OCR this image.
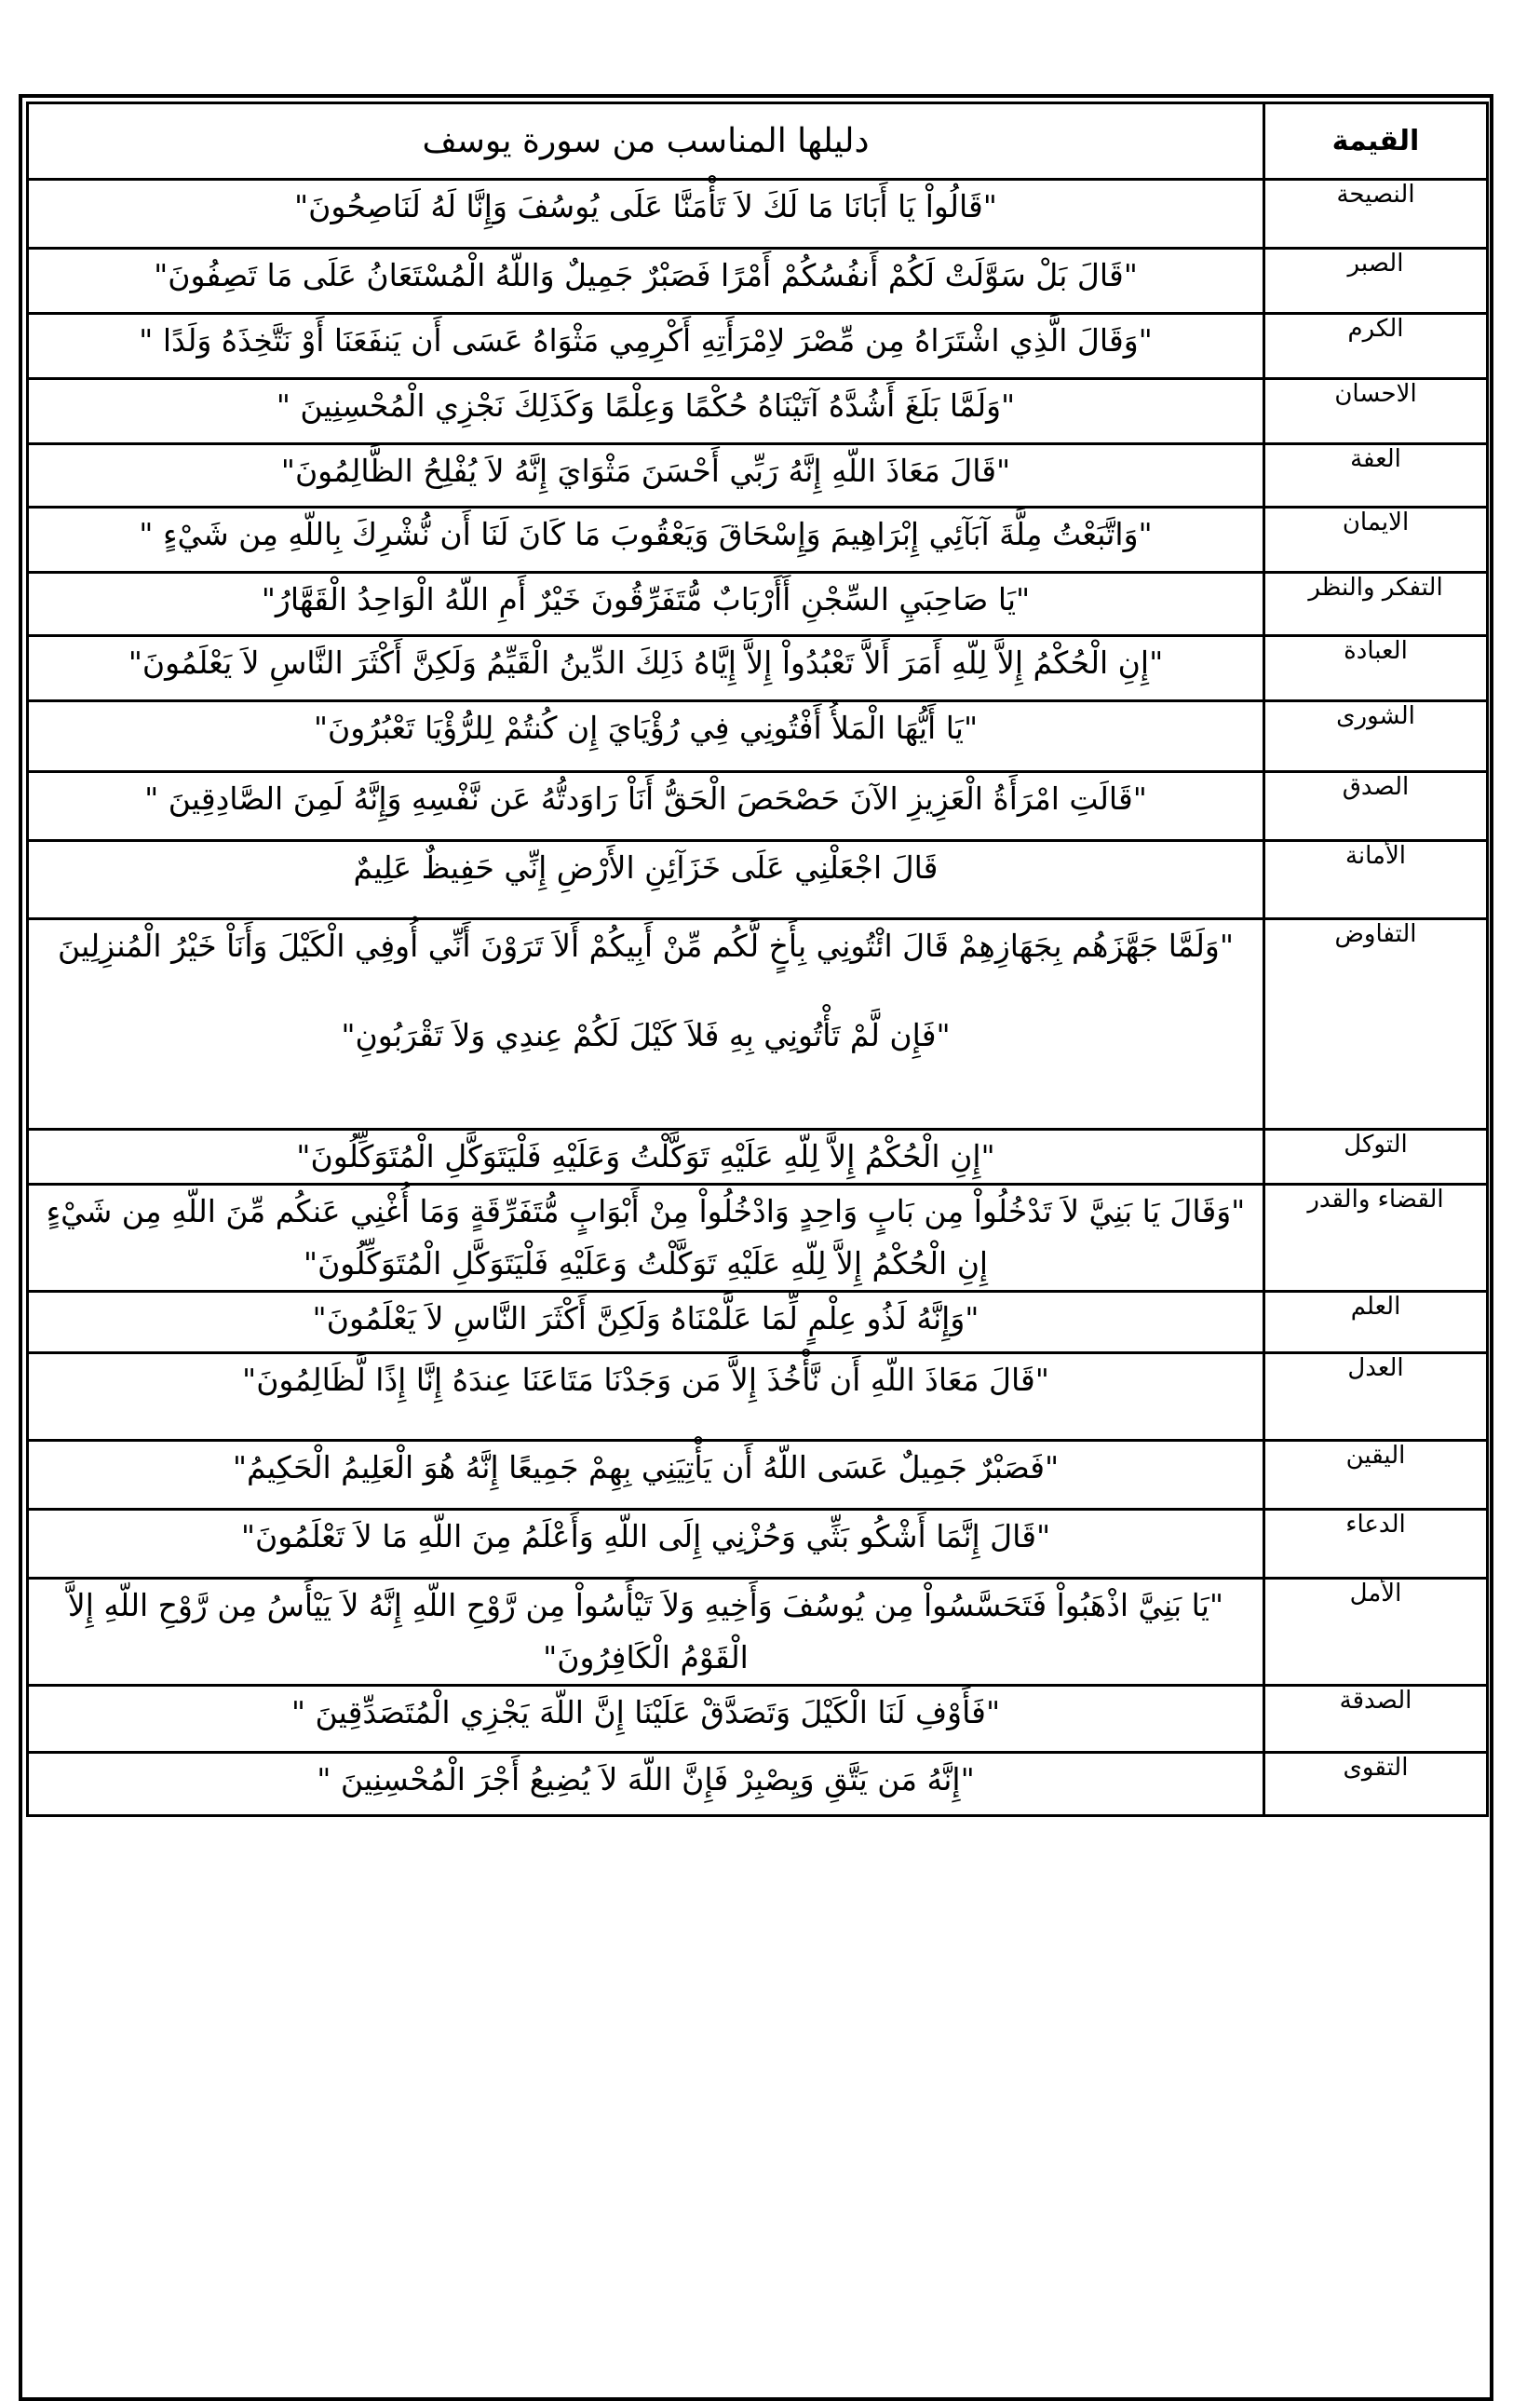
القيمة	دليلها المناسب من سورة يوسف
النصيحة	"قَالُواْ يَا أَبَانَا مَا لَكَ لاَ تَأْمَنَّا عَلَى يُوسُفَ وَإِنَّا لَهُ لَنَاصِحُونَ"

الصبر	"قَالَ بَلْ سَوَّلَتْ لَكُمْ أَنفُسُكُمْ أَمْرًا فَصَبْرٌ جَمِيلٌ وَاللّهُ الْمُسْتَعَانُ عَلَى مَا تَصِفُونَ"

الكرم	"وَقَالَ الَّذِي اشْتَرَاهُ مِن مِّصْرَ لاِمْرَأَتِهِ أَكْرِمِي مَثْوَاهُ عَسَى أَن يَنفَعَنَا أَوْ نَتَّخِذَهُ وَلَدًا "

الاحسان	"وَلَمَّا بَلَغَ أَشُدَّهُ آتَيْنَاهُ حُكْمًا وَعِلْمًا وَكَذَلِكَ نَجْزِي الْمُحْسِنِينَ "

العفة	"قَالَ مَعَاذَ اللّهِ إِنَّهُ رَبِّي أَحْسَنَ مَثْوَايَ إِنَّهُ لاَ يُفْلِحُ الظَّالِمُونَ"

الايمان	"وَاتَّبَعْتُ مِلَّةَ آبَآئِي إِبْرَاهِيمَ وَإِسْحَاقَ وَيَعْقُوبَ مَا كَانَ لَنَا أَن نُّشْرِكَ بِاللّهِ مِن شَيْءٍ "

التفكر والنظر	"يَا صَاحِبَيِ السِّجْنِ أَأَرْبَابٌ مُّتَفَرِّقُونَ خَيْرٌ أَمِ اللّهُ الْوَاحِدُ الْقَهَّارُ"

العبادة	"إِنِ الْحُكْمُ إِلاَّ لِلّهِ أَمَرَ أَلاَّ تَعْبُدُواْ إِلاَّ إِيَّاهُ ذَلِكَ الدِّينُ الْقَيِّمُ وَلَكِنَّ أَكْثَرَ النَّاسِ لاَ يَعْلَمُونَ"

الشورى	"يَا أَيُّهَا الْمَلأُ أَفْتُونِي فِي رُؤْيَايَ إِن كُنتُمْ لِلرُّؤْيَا تَعْبُرُونَ"

الصدق	"قَالَتِ امْرَأَةُ الْعَزِيزِ الآنَ حَصْحَصَ الْحَقُّ أَنَاْ رَاوَدتُّهُ عَن نَّفْسِهِ وَإِنَّهُ لَمِنَ الصَّادِقِينَ "

الأمانة	قَالَ اجْعَلْنِي عَلَى خَزَآئِنِ الأَرْضِ إِنِّي حَفِيظٌ عَلِيمٌ

التفاوض	"وَلَمَّا جَهَّزَهُم بِجَهَازِهِمْ قَالَ ائْتُونِي بِأَخٍ لَّكُم مِّنْ أَبِيكُمْ أَلاَ تَرَوْنَ أَنِّي أُوفِي الْكَيْلَ وَأَنَاْ خَيْرُ الْمُنزِلِينَ
"فَإِن لَّمْ تَأْتُونِي بِهِ فَلاَ كَيْلَ لَكُمْ عِندِي وَلاَ تَقْرَبُونِ"

التوكل	"إِنِ الْحُكْمُ إِلاَّ لِلّهِ عَلَيْهِ تَوَكَّلْتُ وَعَلَيْهِ فَلْيَتَوَكَّلِ الْمُتَوَكِّلُونَ"

القضاء والقدر	"وَقَالَ يَا بَنِيَّ لاَ تَدْخُلُواْ مِن بَابٍ وَاحِدٍ وَادْخُلُواْ مِنْ أَبْوَابٍ مُّتَفَرِّقَةٍ وَمَا أُغْنِي عَنكُم مِّنَ اللّهِ مِن شَيْءٍ
إِنِ الْحُكْمُ إِلاَّ لِلّهِ عَلَيْهِ تَوَكَّلْتُ وَعَلَيْهِ فَلْيَتَوَكَّلِ الْمُتَوَكِّلُونَ"

العلم	"وَإِنَّهُ لَذُو عِلْمٍ لِّمَا عَلَّمْنَاهُ وَلَكِنَّ أَكْثَرَ النَّاسِ لاَ يَعْلَمُونَ"

العدل	"قَالَ مَعَاذَ اللّهِ أَن نَّأْخُذَ إِلاَّ مَن وَجَدْنَا مَتَاعَنَا عِندَهُ إِنَّا إِذًا لَّظَالِمُونَ"

اليقين	"فَصَبْرٌ جَمِيلٌ عَسَى اللّهُ أَن يَأْتِيَنِي بِهِمْ جَمِيعًا إِنَّهُ هُوَ الْعَلِيمُ الْحَكِيمُ"

الدعاء	"قَالَ إِنَّمَا أَشْكُو بَثِّي وَحُزْنِي إِلَى اللّهِ وَأَعْلَمُ مِنَ اللّهِ مَا لاَ تَعْلَمُونَ"

الأمل	"يَا بَنِيَّ اذْهَبُواْ فَتَحَسَّسُواْ مِن يُوسُفَ وَأَخِيهِ وَلاَ تَيْأَسُواْ مِن رَّوْحِ اللّهِ إِنَّهُ لاَ يَيْأَسُ مِن رَّوْحِ اللّهِ إِلاَّ
الْقَوْمُ الْكَافِرُونَ"

الصدقة	"فَأَوْفِ لَنَا الْكَيْلَ وَتَصَدَّقْ عَلَيْنَا إِنَّ اللّهَ يَجْزِي الْمُتَصَدِّقِينَ "

التقوى	"إِنَّهُ مَن يَتَّقِ وَيِصْبِرْ فَإِنَّ اللّهَ لاَ يُضِيعُ أَجْرَ الْمُحْسِنِينَ "
